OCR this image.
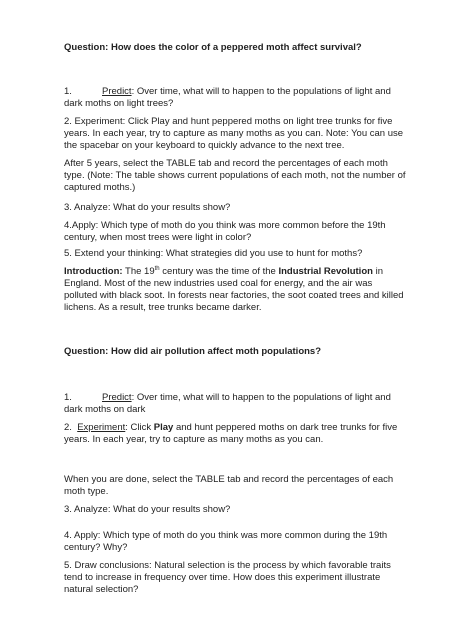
Question: How does the color of a peppered moth affect survival?
1.	Predict: Over time, what will to happen to the populations of light and dark moths on light trees?
2. Experiment: Click Play and hunt peppered moths on light tree trunks for five years. In each year, try to capture as many moths as you can. Note: You can use the spacebar on your keyboard to quickly advance to the next tree.
After 5 years, select the TABLE tab and record the percentages of each moth type. (Note: The table shows current populations of each moth, not the number of captured moths.)
3. Analyze: What do your results show?
4.Apply: Which type of moth do you think was more common before the 19th century, when most trees were light in color?
5. Extend your thinking: What strategies did you use to hunt for moths?
Introduction: The 19th century was the time of the Industrial Revolution in England. Most of the new industries used coal for energy, and the air was polluted with black soot. In forests near factories, the soot coated trees and killed lichens. As a result, tree trunks became darker.
Question: How did air pollution affect moth populations?
1.	Predict: Over time, what will to happen to the populations of light and dark moths on dark
2. Experiment: Click Play and hunt peppered moths on dark tree trunks for five years. In each year, try to capture as many moths as you can.
When you are done, select the TABLE tab and record the percentages of each moth type.
3. Analyze: What do your results show?
4. Apply: Which type of moth do you think was more common during the 19th century? Why?
5. Draw conclusions: Natural selection is the process by which favorable traits tend to increase in frequency over time. How does this experiment illustrate natural selection?
